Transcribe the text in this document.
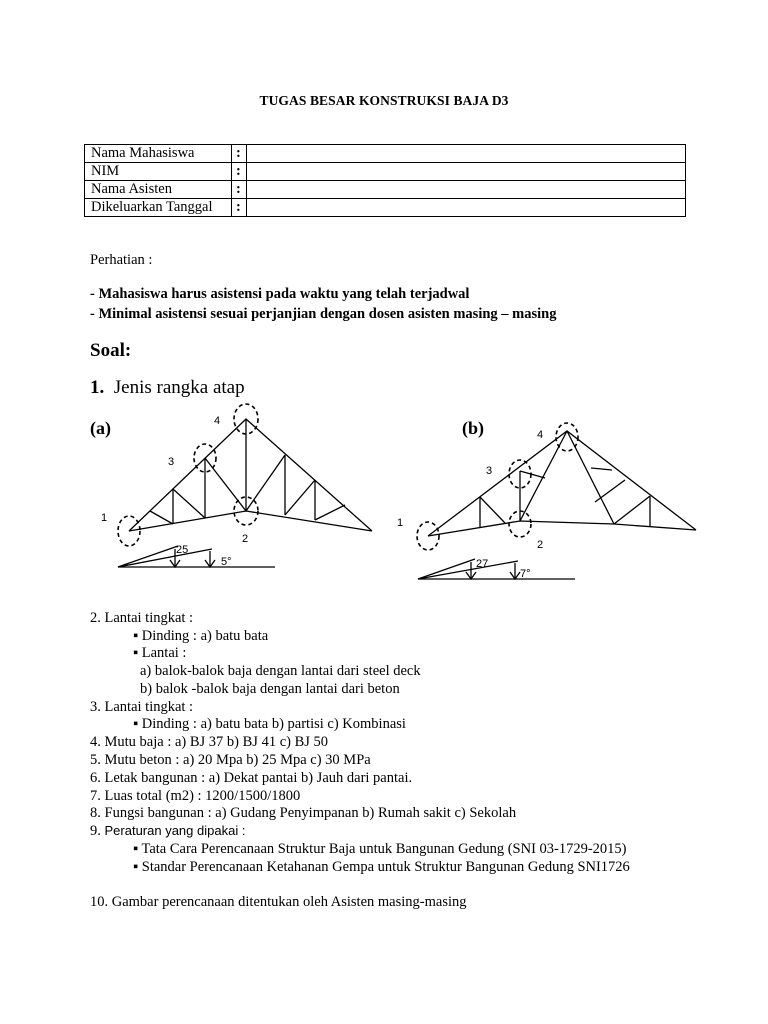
TUGAS BESAR KONSTRUKSI BAJA D3
Nama Mahasiswa	:	
NIM	:	
Nama Asisten	:	
Dikeluarkan Tanggal	:	
Perhatian :
- Mahasiswa harus asistensi pada waktu yang telah terjadwal
- Minimal asistensi sesuai perjanjian dengan dosen asisten masing – masing
Soal:
1. Jenis rangka atap
(a)	(b)
1
2
3
4
25
5°
1
2
3
4
27
7°
2. Lantai tingkat :
▪ Dinding : a) batu bata
▪ Lantai :
a) balok-balok baja dengan lantai dari steel deck
b) balok -balok baja dengan lantai dari beton
3. Lantai tingkat :
▪ Dinding : a) batu bata b) partisi c) Kombinasi
4. Mutu baja : a) BJ 37 b) BJ 41 c) BJ 50
5. Mutu beton : a) 20 Mpa b) 25 Mpa c) 30 MPa
6. Letak bangunan : a) Dekat pantai b) Jauh dari pantai.
7. Luas total (m2) : 1200/1500/1800
8. Fungsi bangunan : a) Gudang Penyimpanan b) Rumah sakit c) Sekolah
9. Peraturan yang dipakai :
▪ Tata Cara Perencanaan Struktur Baja untuk Bangunan Gedung (SNI 03-1729-2015)
▪ Standar Perencanaan Ketahanan Gempa untuk Struktur Bangunan Gedung SNI1726
10. Gambar perencanaan ditentukan oleh Asisten masing-masing
